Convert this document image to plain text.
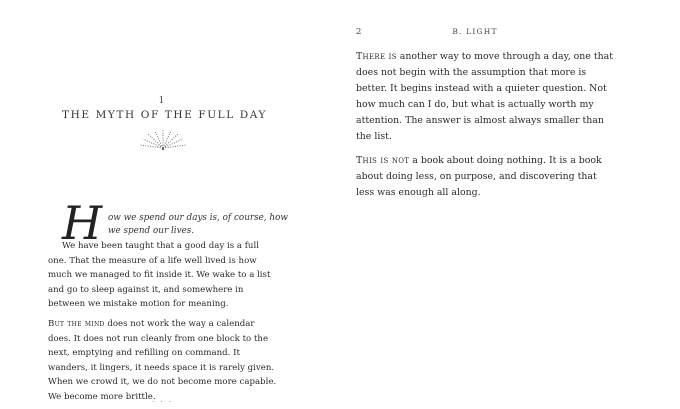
1
THE MYTH OF THE FULL DAY
H ow we spend our days is, of course, how we spend our lives.

We have been taught that a good day is a full one. That the measure of a life well lived is how much we managed to fit inside it. We wake to a list and go to sleep against it, and somewhere in between we mistake motion for meaning.

But the mind does not work the way a calendar does. It does not run cleanly from one block to the next, emptying and refilling on command. It wanders, it lingers, it needs space it is rarely given. When we crowd it, we do not become more capable. We become more brittle.

· · ·
2	B. LIGHT

There is another way to move through a day, one that does not begin with the assumption that more is better. It begins instead with a quieter question. Not how much can I do, but what is actually worth my attention. The answer is almost always smaller than the list.

This is not a book about doing nothing. It is a book about doing less, on purpose, and discovering that less was enough all along.
